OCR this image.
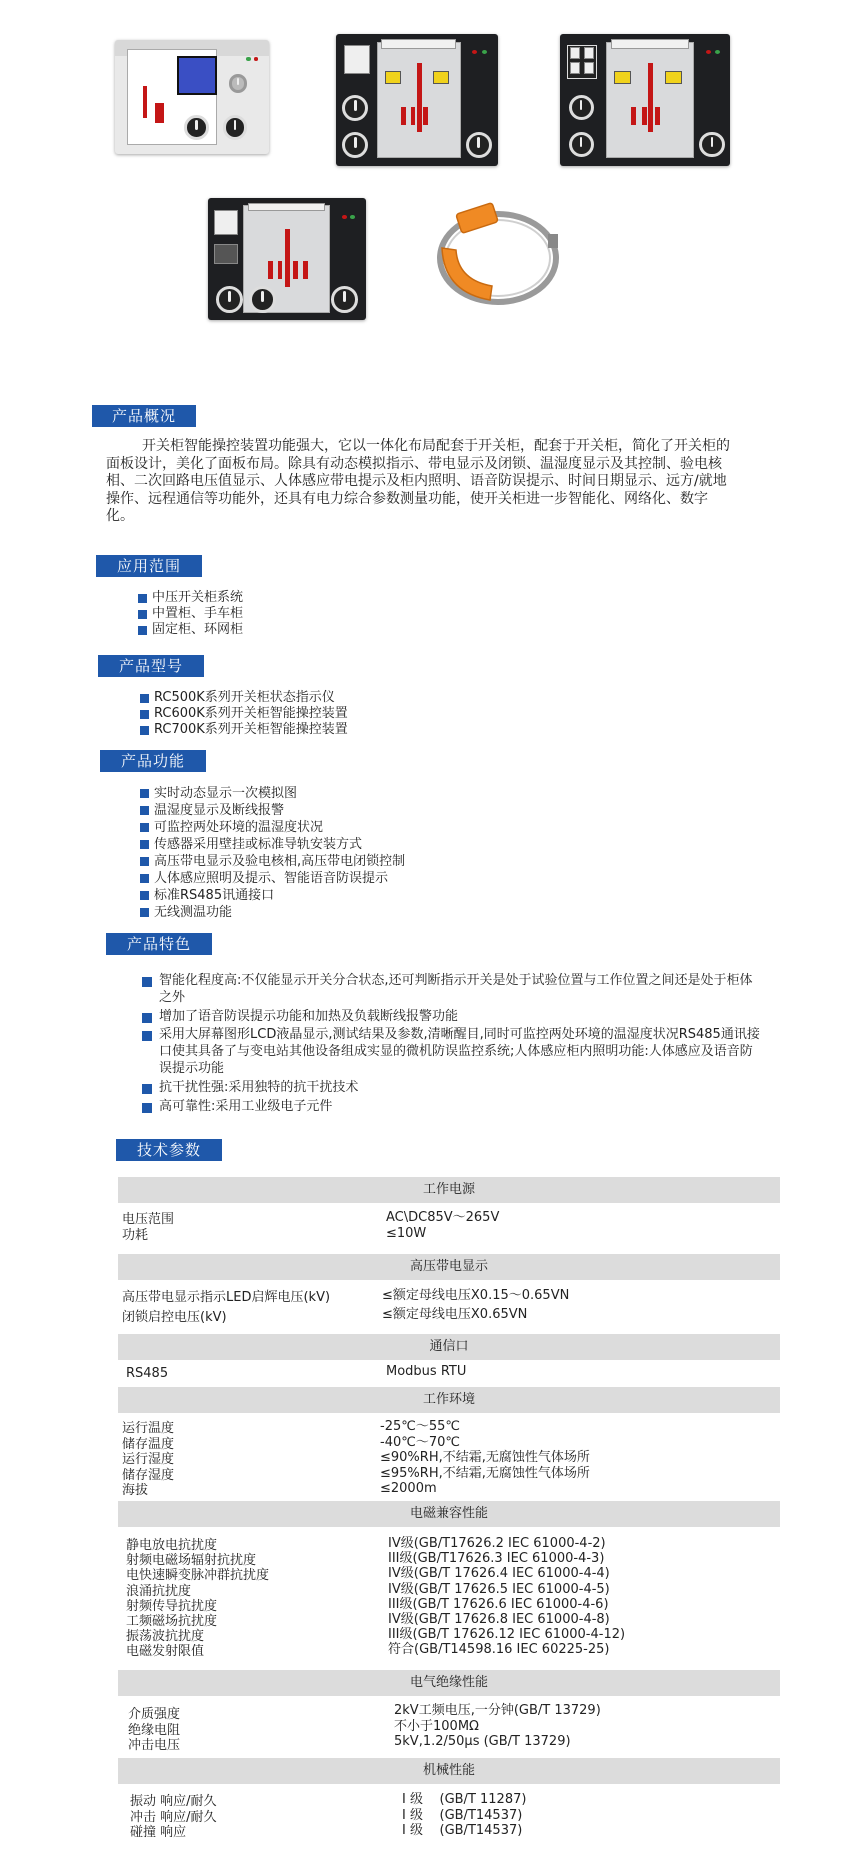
产品概况
开关柜智能操控装置功能强大，它以一体化布局配套于开关柜，配套于开关柜，简化了开关柜的面板设计，美化了面板布局。除具有动态模拟指示、带电显示及闭锁、温湿度显示及其控制、验电核相、二次回路电压值显示、人体感应带电提示及柜内照明、语音防误提示、时间日期显示、远方/就地操作、远程通信等功能外，还具有电力综合参数测量功能，使开关柜进一步智能化、网络化、数字化。
应用范围
中压开关柜系统
中置柜、手车柜
固定柜、环网柜
产品型号
RC500K系列开关柜状态指示仪
RC600K系列开关柜智能操控装置
RC700K系列开关柜智能操控装置
产品功能
实时动态显示一次模拟图
温湿度显示及断线报警
可监控两处环境的温湿度状况
传感器采用壁挂或标准导轨安装方式
高压带电显示及验电核相,高压带电闭锁控制
人体感应照明及提示、智能语音防误提示
标准RS485讯通接口
无线测温功能
产品特色
智能化程度高:不仅能显示开关分合状态,还可判断指示开关是处于试验位置与工作位置之间还是处于柜体之外
增加了语音防误提示功能和加热及负载断线报警功能
采用大屏幕图形LCD液晶显示,测试结果及参数,清晰醒目,同时可监控两处环境的温湿度状况RS485通讯接口使其具备了与变电站其他设备组成实显的微机防误监控系统;人体感应柜内照明功能:人体感应及语音防误提示功能
抗干扰性强:采用独特的抗干扰技术
高可靠性:采用工业级电子元件
技术参数
工作电源
电压范围
功耗
AC\DC85V～265V
≤10W
高压带电显示
高压带电显示指示LED启辉电压(kV)
闭锁启控电压(kV)
≤额定母线电压X0.15～0.65VN
≤额定母线电压X0.65VN
通信口
RS485	Modbus RTU
工作环境
运行温度
储存温度
运行湿度
储存湿度
海拔
-25℃～55℃
-40℃～70℃
≤90%RH,不结霜,无腐蚀性气体场所
≤95%RH,不结霜,无腐蚀性气体场所
≤2000m
电磁兼容性能
静电放电抗扰度
射频电磁场辐射抗扰度
电快速瞬变脉冲群抗扰度
浪涌抗扰度
射频传导抗扰度
工频磁场抗扰度
振荡波抗扰度
电磁发射限值
IV级(GB/T17626.2 IEC 61000-4-2)
III级(GB/T17626.3 IEC 61000-4-3)
IV级(GB/T 17626.4 IEC 61000-4-4)
IV级(GB/T 17626.5 IEC 61000-4-5)
III级(GB/T 17626.6 IEC 61000-4-6)
IV级(GB/T 17626.8 IEC 61000-4-8)
III级(GB/T 17626.12 IEC 61000-4-12)
符合(GB/T14598.16 IEC 60225-25)
电气绝缘性能
介质强度
绝缘电阻
冲击电压
2kV工频电压,一分钟(GB/T 13729)
不小于100MΩ
5kV,1.2/50μs (GB/T 13729)
机械性能
振动 响应/耐久
冲击 响应/耐久
碰撞 响应
Ⅰ 级    (GB/T 11287)
Ⅰ 级    (GB/T14537)
Ⅰ 级    (GB/T14537)
